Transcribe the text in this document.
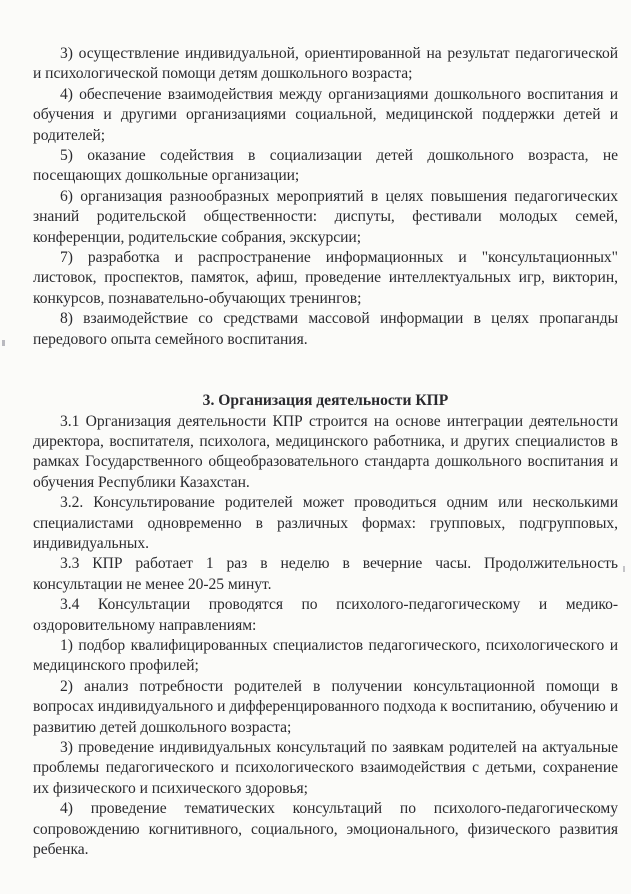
3) осуществление индивидуальной, ориентированной на результат педагогической и психологической помощи детям дошкольного возраста;

4) обеспечение взаимодействия между организациями дошкольного воспитания и обучения и другими организациями социальной, медицинской поддержки детей и родителей;

5) оказание содействия в социализации детей дошкольного возраста, не посещающих дошкольные организации;

6) организация разнообразных мероприятий в целях повышения педагогических знаний родительской общественности: диспуты, фестивали молодых семей, конференции, родительские собрания, экскурсии;

7) разработка и распространение информационных и "консультационных" листовок, проспектов, памяток, афиш, проведение интеллектуальных игр, викторин, конкурсов, познавательно-обучающих тренингов;

8) взаимодействие со средствами массовой информации в целях пропаганды передового опыта семейного воспитания.

3. Организация деятельности КПР

3.1 Организация деятельности КПР строится на основе интеграции деятельности директора, воспитателя, психолога, медицинского работника, и других специалистов в рамках Государственного общеобразовательного стандарта дошкольного воспитания и обучения Республики Казахстан.

3.2. Консультирование родителей может проводиться одним или несколькими специалистами одновременно в различных формах: групповых, подгрупповых, индивидуальных.

3.3 КПР работает 1 раз в неделю в вечерние часы. Продолжительность консультации не менее 20-25 минут.

3.4 Консультации проводятся по психолого-педагогическому и медико-оздоровительному направлениям:

1) подбор квалифицированных специалистов педагогического, психологического и медицинского профилей;

2) анализ потребности родителей в получении консультационной помощи в вопросах индивидуального и дифференцированного подхода к воспитанию, обучению и развитию детей дошкольного возраста;

3) проведение индивидуальных консультаций по заявкам родителей на актуальные проблемы педагогического и психологического взаимодействия с детьми, сохранение их физического и психического здоровья;

4) проведение тематических консультаций по психолого-педагогическому сопровождению когнитивного, социального, эмоционального, физического развития ребенка.
